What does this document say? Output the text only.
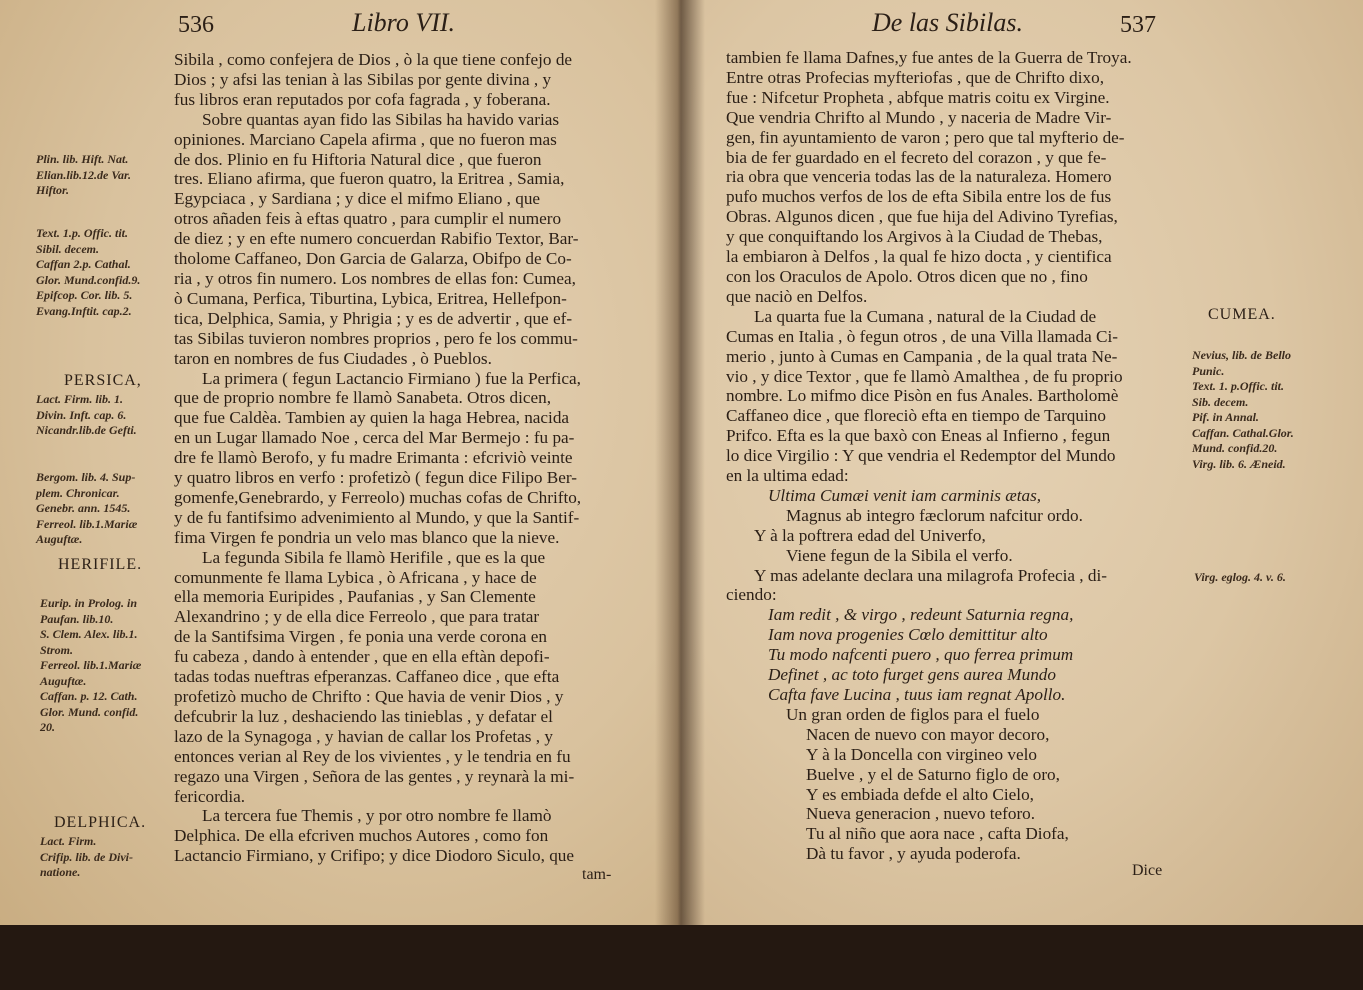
536	Libro VII.
Sibila , como confejera de Dios , ò la que tiene confejo de
Dios ; y afsi las tenian à las Sibilas por gente divina , y
fus libros eran reputados por cofa fagrada , y foberana.
Sobre quantas ayan fido las Sibilas ha havido varias
opiniones. Marciano Capela afirma , que no fueron mas
de dos. Plinio en fu Hiftoria Natural dice , que fueron
tres. Eliano afirma, que fueron quatro, la Eritrea , Samia,
Egypciaca , y Sardiana ; y dice el mifmo Eliano , que
otros añaden feis à eftas quatro , para cumplir el numero
de diez ; y en efte numero concuerdan Rabifio Textor, Bar-
tholome Caffaneo, Don Garcia de Galarza, Obifpo de Co-
ria , y otros fin numero. Los nombres de ellas fon: Cumea,
ò Cumana, Perfica, Tiburtina, Lybica, Eritrea, Hellefpon-
tica, Delphica, Samia, y Phrigia ; y es de advertir , que ef-
tas Sibilas tuvieron nombres proprios , pero fe los commu-
taron en nombres de fus Ciudades , ò Pueblos.
La primera ( fegun Lactancio Firmiano ) fue la Perfica,
que de proprio nombre fe llamò Sanabeta. Otros dicen,
que fue Caldèa. Tambien ay quien la haga Hebrea, nacida
en un Lugar llamado Noe , cerca del Mar Bermejo : fu pa-
dre fe llamò Berofo, y fu madre Erimanta : efcriviò veinte
y quatro libros en verfo : profetizò ( fegun dice Filipo Ber-
gomenfe,Genebrardo, y Ferreolo) muchas cofas de Chrifto,
y de fu fantifsimo advenimiento al Mundo, y que la Santif-
fima Virgen fe pondria un velo mas blanco que la nieve.
La fegunda Sibila fe llamò Herifile , que es la que
comunmente fe llama Lybica , ò Africana , y hace de
ella memoria Euripides , Paufanias , y San Clemente
Alexandrino ; y de ella dice Ferreolo , que para tratar
de la Santifsima Virgen , fe ponia una verde corona en
fu cabeza , dando à entender , que en ella eftàn depofi-
tadas todas nueftras efperanzas. Caffaneo dice , que efta
profetizò mucho de Chrifto : Que havia de venir Dios , y
defcubrir la luz , deshaciendo las tinieblas , y defatar el
lazo de la Synagoga , y havian de callar los Profetas , y
entonces verian al Rey de los vivientes , y le tendria en fu
regazo una Virgen , Señora de las gentes , y reynarà la mi-
fericordia.
La tercera fue Themis , y por otro nombre fe llamò
Delphica. De ella efcriven muchos Autores , como fon
Lactancio Firmiano, y Crifipo; y dice Diodoro Siculo, que
tam-
Plin. lib. Hift. Nat.
Elian.lib.12.de Var.
Hiftor.
Text. 1.p. Offic. tit.
Sibil. decem.
Caffan 2.p. Cathal.
Glor. Mund.confid.9.
Epifcop. Cor. lib. 5.
Evang.Inftit. cap.2.
PERSICA,
Lact. Firm. lib. 1.
Divin. Inft. cap. 6.
Nicandr.lib.de Gefti.
Bergom. lib. 4. Sup-
plem. Chronicar.
Genebr. ann. 1545.
Ferreol. lib.1.Mariæ
Auguftæ.
HERIFILE.
Eurip. in Prolog. in
Paufan. lib.10.
S. Clem. Alex. lib.1.
Strom.
Ferreol. lib.1.Mariæ
Auguftæ.
Caffan. p. 12. Cath.
Glor. Mund. confid.
20.
DELPHICA.
Lact. Firm.
Crifip. lib. de Divi-
natione.
De las Sibilas.	537
tambien fe llama Dafnes,y fue antes de la Guerra de Troya.
Entre otras Profecias myfteriofas , que de Chrifto dixo,
fue : Nifcetur Propheta , abfque matris coitu ex Virgine.
Que vendria Chrifto al Mundo , y naceria de Madre Vir-
gen, fin ayuntamiento de varon ; pero que tal myfterio de-
bia de fer guardado en el fecreto del corazon , y que fe-
ria obra que venceria todas las de la naturaleza. Homero
pufo muchos verfos de los de efta Sibila entre los de fus
Obras. Algunos dicen , que fue hija del Adivino Tyrefias,
y que conquiftando los Argivos à la Ciudad de Thebas,
la embiaron à Delfos , la qual fe hizo docta , y cientifica
con los Oraculos de Apolo. Otros dicen que no , fino
que naciò en Delfos.
La quarta fue la Cumana , natural de la Ciudad de
Cumas en Italia , ò fegun otros , de una Villa llamada Ci-
merio , junto à Cumas en Campania , de la qual trata Ne-
vio , y dice Textor , que fe llamò Amalthea , de fu proprio
nombre. Lo mifmo dice Pisòn en fus Anales. Bartholomè
Caffaneo dice , que floreciò efta en tiempo de Tarquino
Prifco. Efta es la que baxò con Eneas al Infierno , fegun
lo dice Virgilio : Y que vendria el Redemptor del Mundo
en la ultima edad:
Ultima Cumæi venit iam carminis ætas,
Magnus ab integro fæclorum nafcitur ordo.
Y à la poftrera edad del Univerfo,
Viene fegun de la Sibila el verfo.
Y mas adelante declara una milagrofa Profecia , di-
ciendo:
Iam redit , & virgo , redeunt Saturnia regna,
Iam nova progenies Cœlo demittitur alto
Tu modo nafcenti puero , quo ferrea primum
Definet , ac toto furget gens aurea Mundo
Cafta fave Lucina , tuus iam regnat Apollo.
Un gran orden de figlos para el fuelo
Nacen de nuevo con mayor decoro,
Y à la Doncella con virgineo velo
Buelve , y el de Saturno figlo de oro,
Y es embiada defde el alto Cielo,
Nueva generacion , nuevo teforo.
Tu al niño que aora nace , cafta Diofa,
Dà tu favor , y ayuda poderofa.
Dice
CUMEA.
Nevius, lib. de Bello
Punic.
Text. 1. p.Offic. tit.
Sib. decem.
Pif. in Annal.
Caffan. Cathal.Glor.
Mund. confid.20.
Virg. lib. 6. Æneid.
Virg. eglog. 4. v. 6.
